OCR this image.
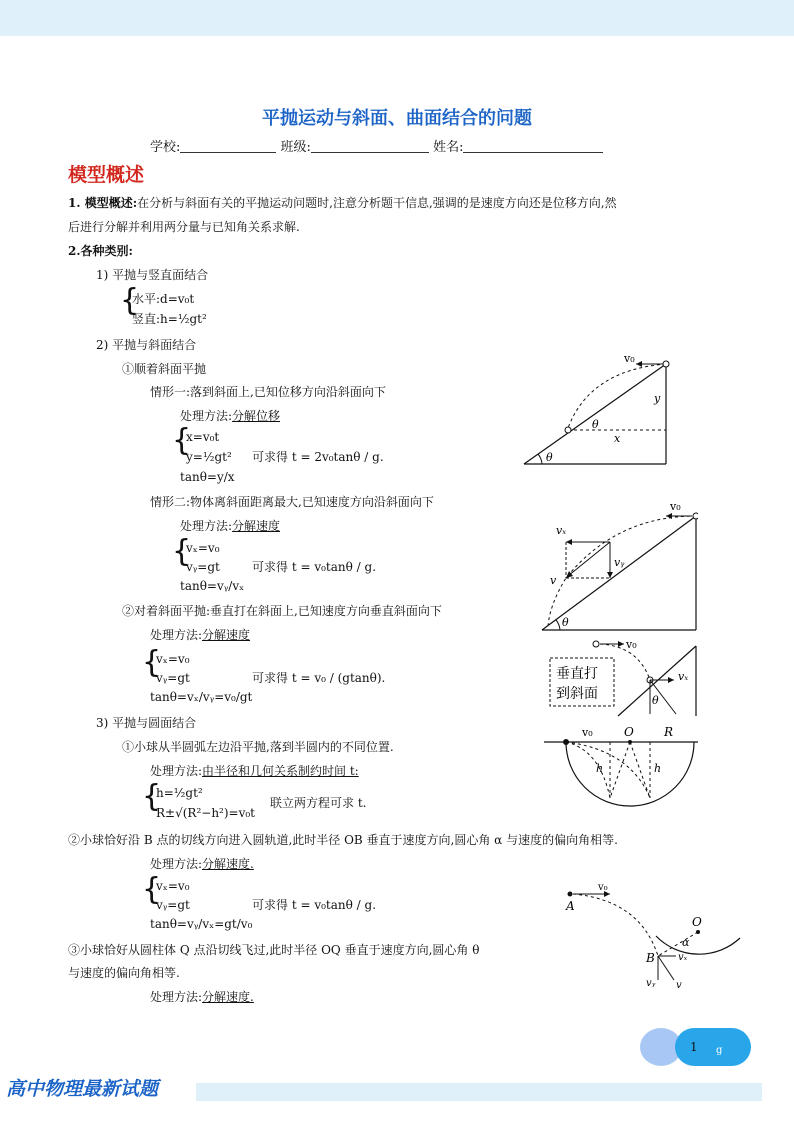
平抛运动与斜面、曲面结合的问题
学校:	班级:	姓名:
模型概述
1. 模型概述:在分析与斜面有关的平抛运动问题时,注意分析题干信息,强调的是速度方向还是位移方向,然
后进行分解并利用两分量与已知角关系求解.
2.各种类别:
1) 平抛与竖直面结合
{
水平:d=v₀t
竖直:h=½gt²
2) 平抛与斜面结合
①顺着斜面平抛
情形一:落到斜面上,已知位移方向沿斜面向下
处理方法:分解位移
{
x=v₀t
y=½gt²
tanθ=y/x
可求得 t = 2v₀tanθ / g.
情形二:物体离斜面距离最大,已知速度方向沿斜面向下
处理方法:分解速度
{
vₓ=v₀
vᵧ=gt
tanθ=vᵧ/vₓ
可求得 t = v₀tanθ / g.
②对着斜面平抛:垂直打在斜面上,已知速度方向垂直斜面向下
处理方法:分解速度
{
vₓ=v₀
vᵧ=gt
tanθ=vₓ/vᵧ=v₀/gt
可求得 t = v₀ / (gtanθ).
3) 平抛与圆面结合
①小球从半圆弧左边沿平抛,落到半圆内的不同位置.
处理方法:由半径和几何关系制约时间 t:
{
h=½gt²
R±√(R²−h²)=v₀t
联立两方程可求 t.
②小球恰好沿 B 点的切线方向进入圆轨道,此时半径 OB 垂直于速度方向,圆心角 α 与速度的偏向角相等.
处理方法:分解速度.
{
vₓ=v₀
vᵧ=gt
tanθ=vᵧ/vₓ=gt/v₀
可求得 t = v₀tanθ / g.
③小球恰好从圆柱体 Q 点沿切线飞过,此时半径 OQ 垂直于速度方向,圆心角 θ
与速度的偏向角相等.
处理方法:分解速度.
v₀
y
x
θ
θ
v₀
vₓ
vᵧ
v
θ
v₀
vₓ
θ
垂直打
到斜面
v₀	O	R
h	h
v₀
A
O
α
B vₓ
vᵧ v
1 g
高中物理最新试题
